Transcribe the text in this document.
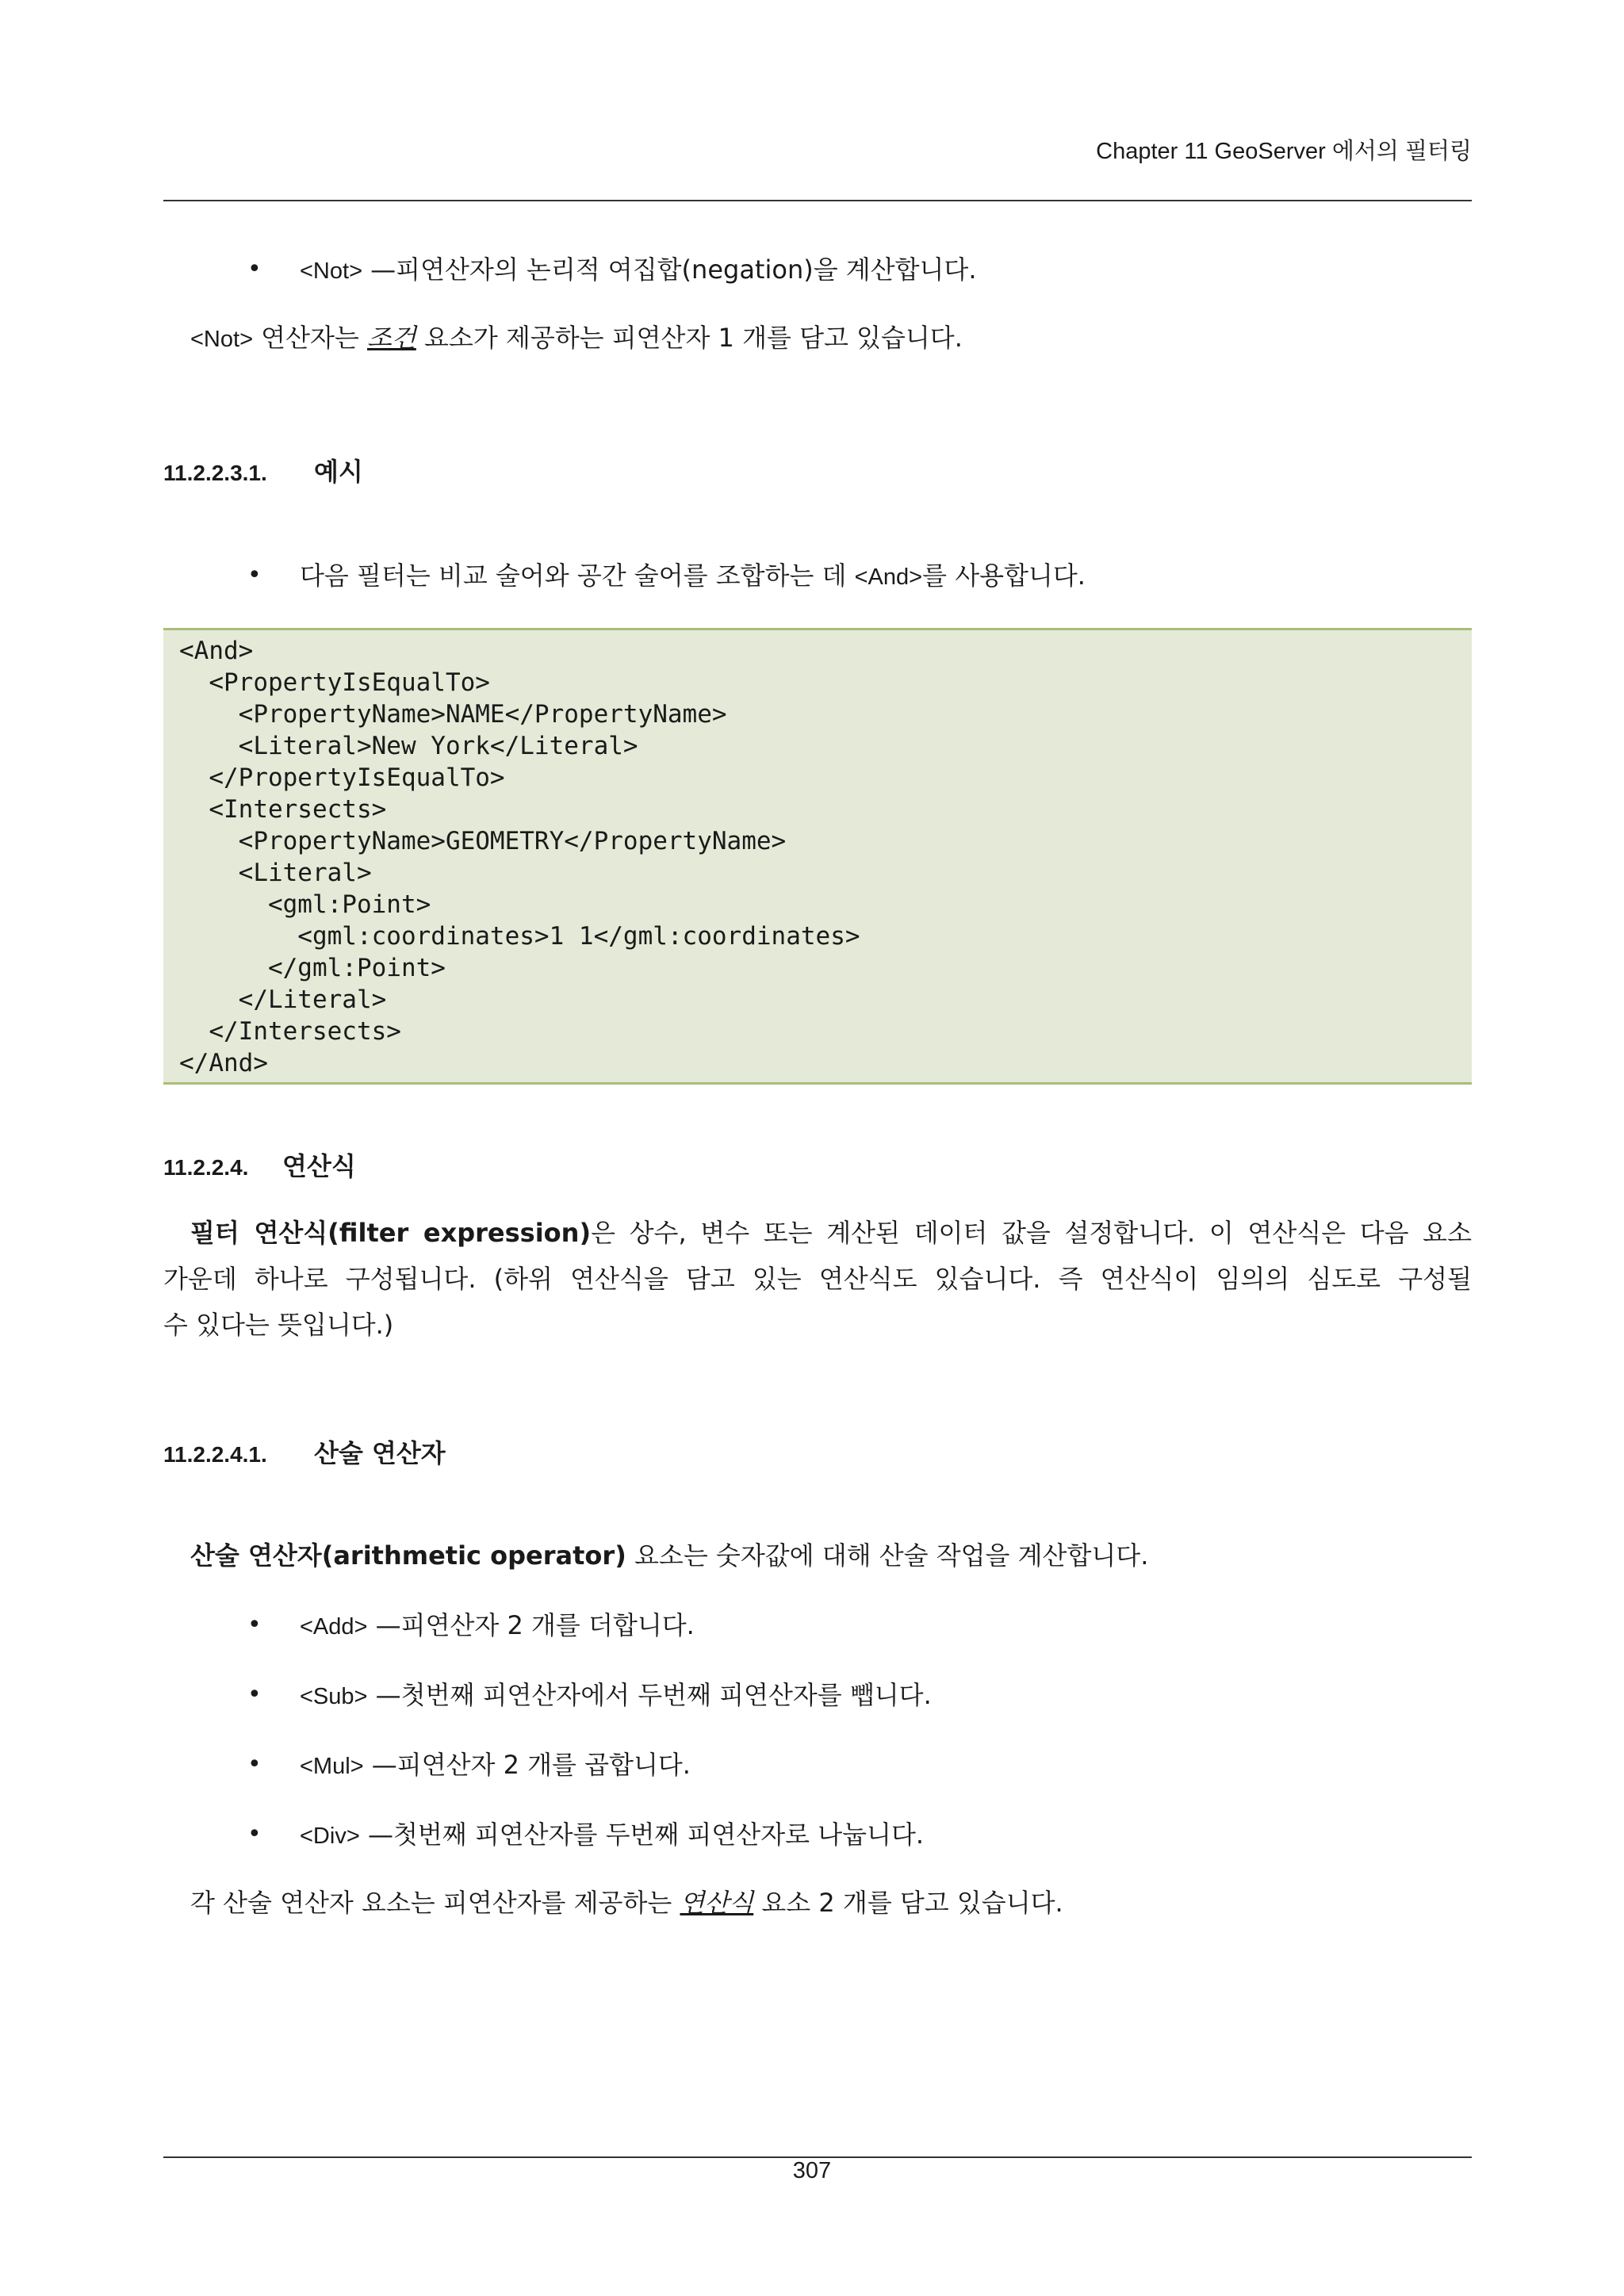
Chapter 11 GeoServer 에서의 필터링
• <Not> —피연산자의 논리적 여집합(negation)을 계산합니다.
<Not> 연산자는 조건 요소가 제공하는 피연산자 1 개를 담고 있습니다.
11.2.2.3.1. 예시
• 다음 필터는 비교 술어와 공간 술어를 조합하는 데 <And>를 사용합니다.
<And>
<PropertyIsEqualTo>
<PropertyName>NAME</PropertyName>
<Literal>New York</Literal>
</PropertyIsEqualTo>
<Intersects>
<PropertyName>GEOMETRY</PropertyName>
<Literal>
<gml:Point>
<gml:coordinates>1 1</gml:coordinates>
</gml:Point>
</Literal>
</Intersects>
</And>
11.2.2.4. 연산식
필터 연산식(filter expression)은 상수, 변수 또는 계산된 데이터 값을 설정합니다. 이 연산식은 다음 요소
가운데 하나로 구성됩니다. (하위 연산식을 담고 있는 연산식도 있습니다. 즉 연산식이 임의의 심도로 구성될
수 있다는 뜻입니다.)
11.2.2.4.1. 산술 연산자
산술 연산자(arithmetic operator) 요소는 숫자값에 대해 산술 작업을 계산합니다.
• <Add> —피연산자 2 개를 더합니다.
• <Sub> —첫번째 피연산자에서 두번째 피연산자를 뺍니다.
• <Mul> —피연산자 2 개를 곱합니다.
• <Div> —첫번째 피연산자를 두번째 피연산자로 나눕니다.
각 산술 연산자 요소는 피연산자를 제공하는 연산식 요소 2 개를 담고 있습니다.
307
